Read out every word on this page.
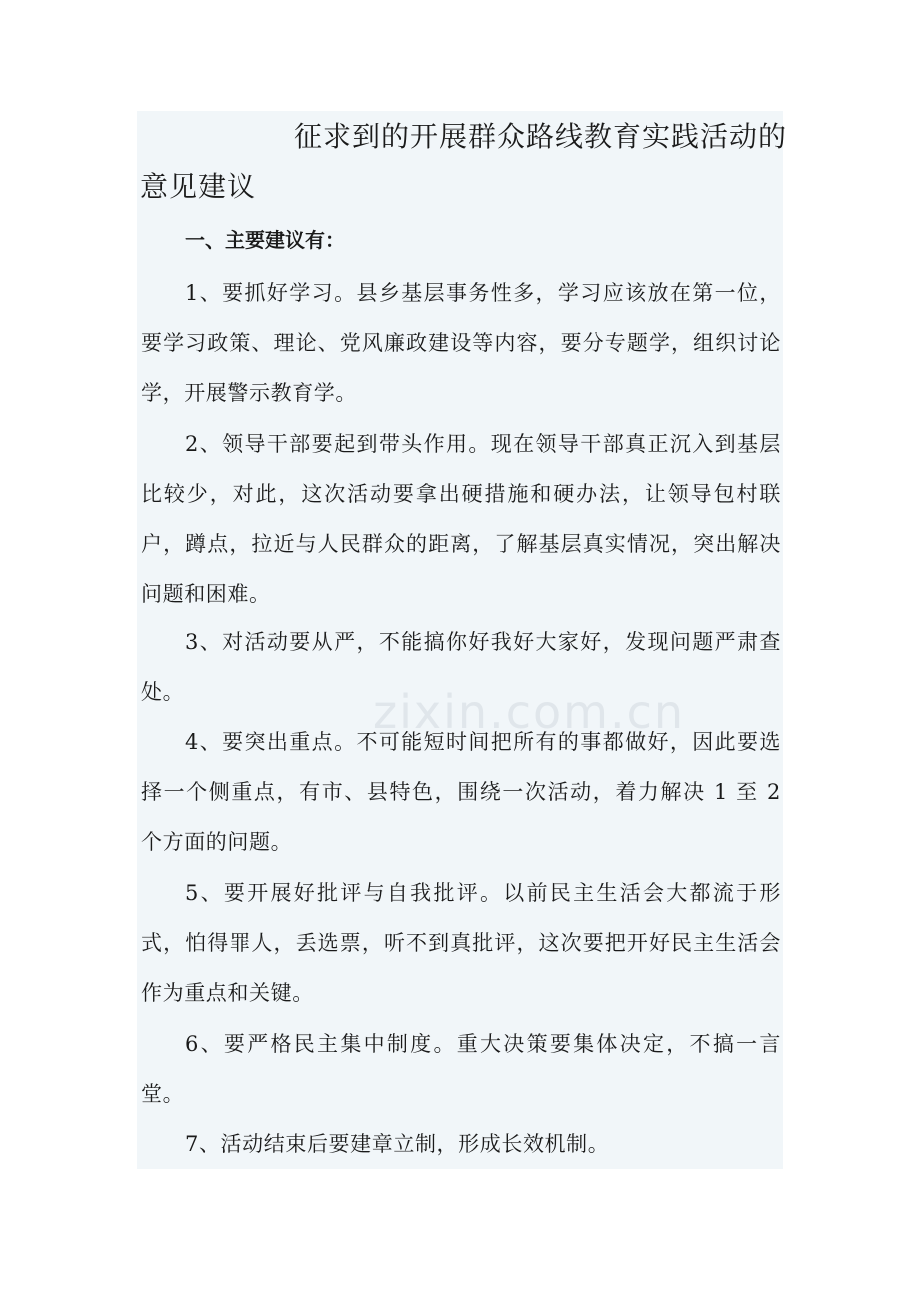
征求到的开展群众路线教育实践活动的
意见建议
一、主要建议有：
1、要抓好学习。县乡基层事务性多，学习应该放在第一位，要学习政策、理论、党风廉政建设等内容，要分专题学，组织讨论学，开展警示教育学。
2、领导干部要起到带头作用。现在领导干部真正沉入到基层比较少，对此，这次活动要拿出硬措施和硬办法，让领导包村联户，蹲点，拉近与人民群众的距离，了解基层真实情况，突出解决问题和困难。
3、对活动要从严，不能搞你好我好大家好，发现问题严肃查处。
4、要突出重点。不可能短时间把所有的事都做好，因此要选择一个侧重点，有市、县特色，围绕一次活动，着力解决 1 至 2 个方面的问题。
5、要开展好批评与自我批评。以前民主生活会大都流于形式，怕得罪人，丢选票，听不到真批评，这次要把开好民主生活会作为重点和关键。
6、要严格民主集中制度。重大决策要集体决定，不搞一言堂。
7、活动结束后要建章立制，形成长效机制。
zixin.com.cn
